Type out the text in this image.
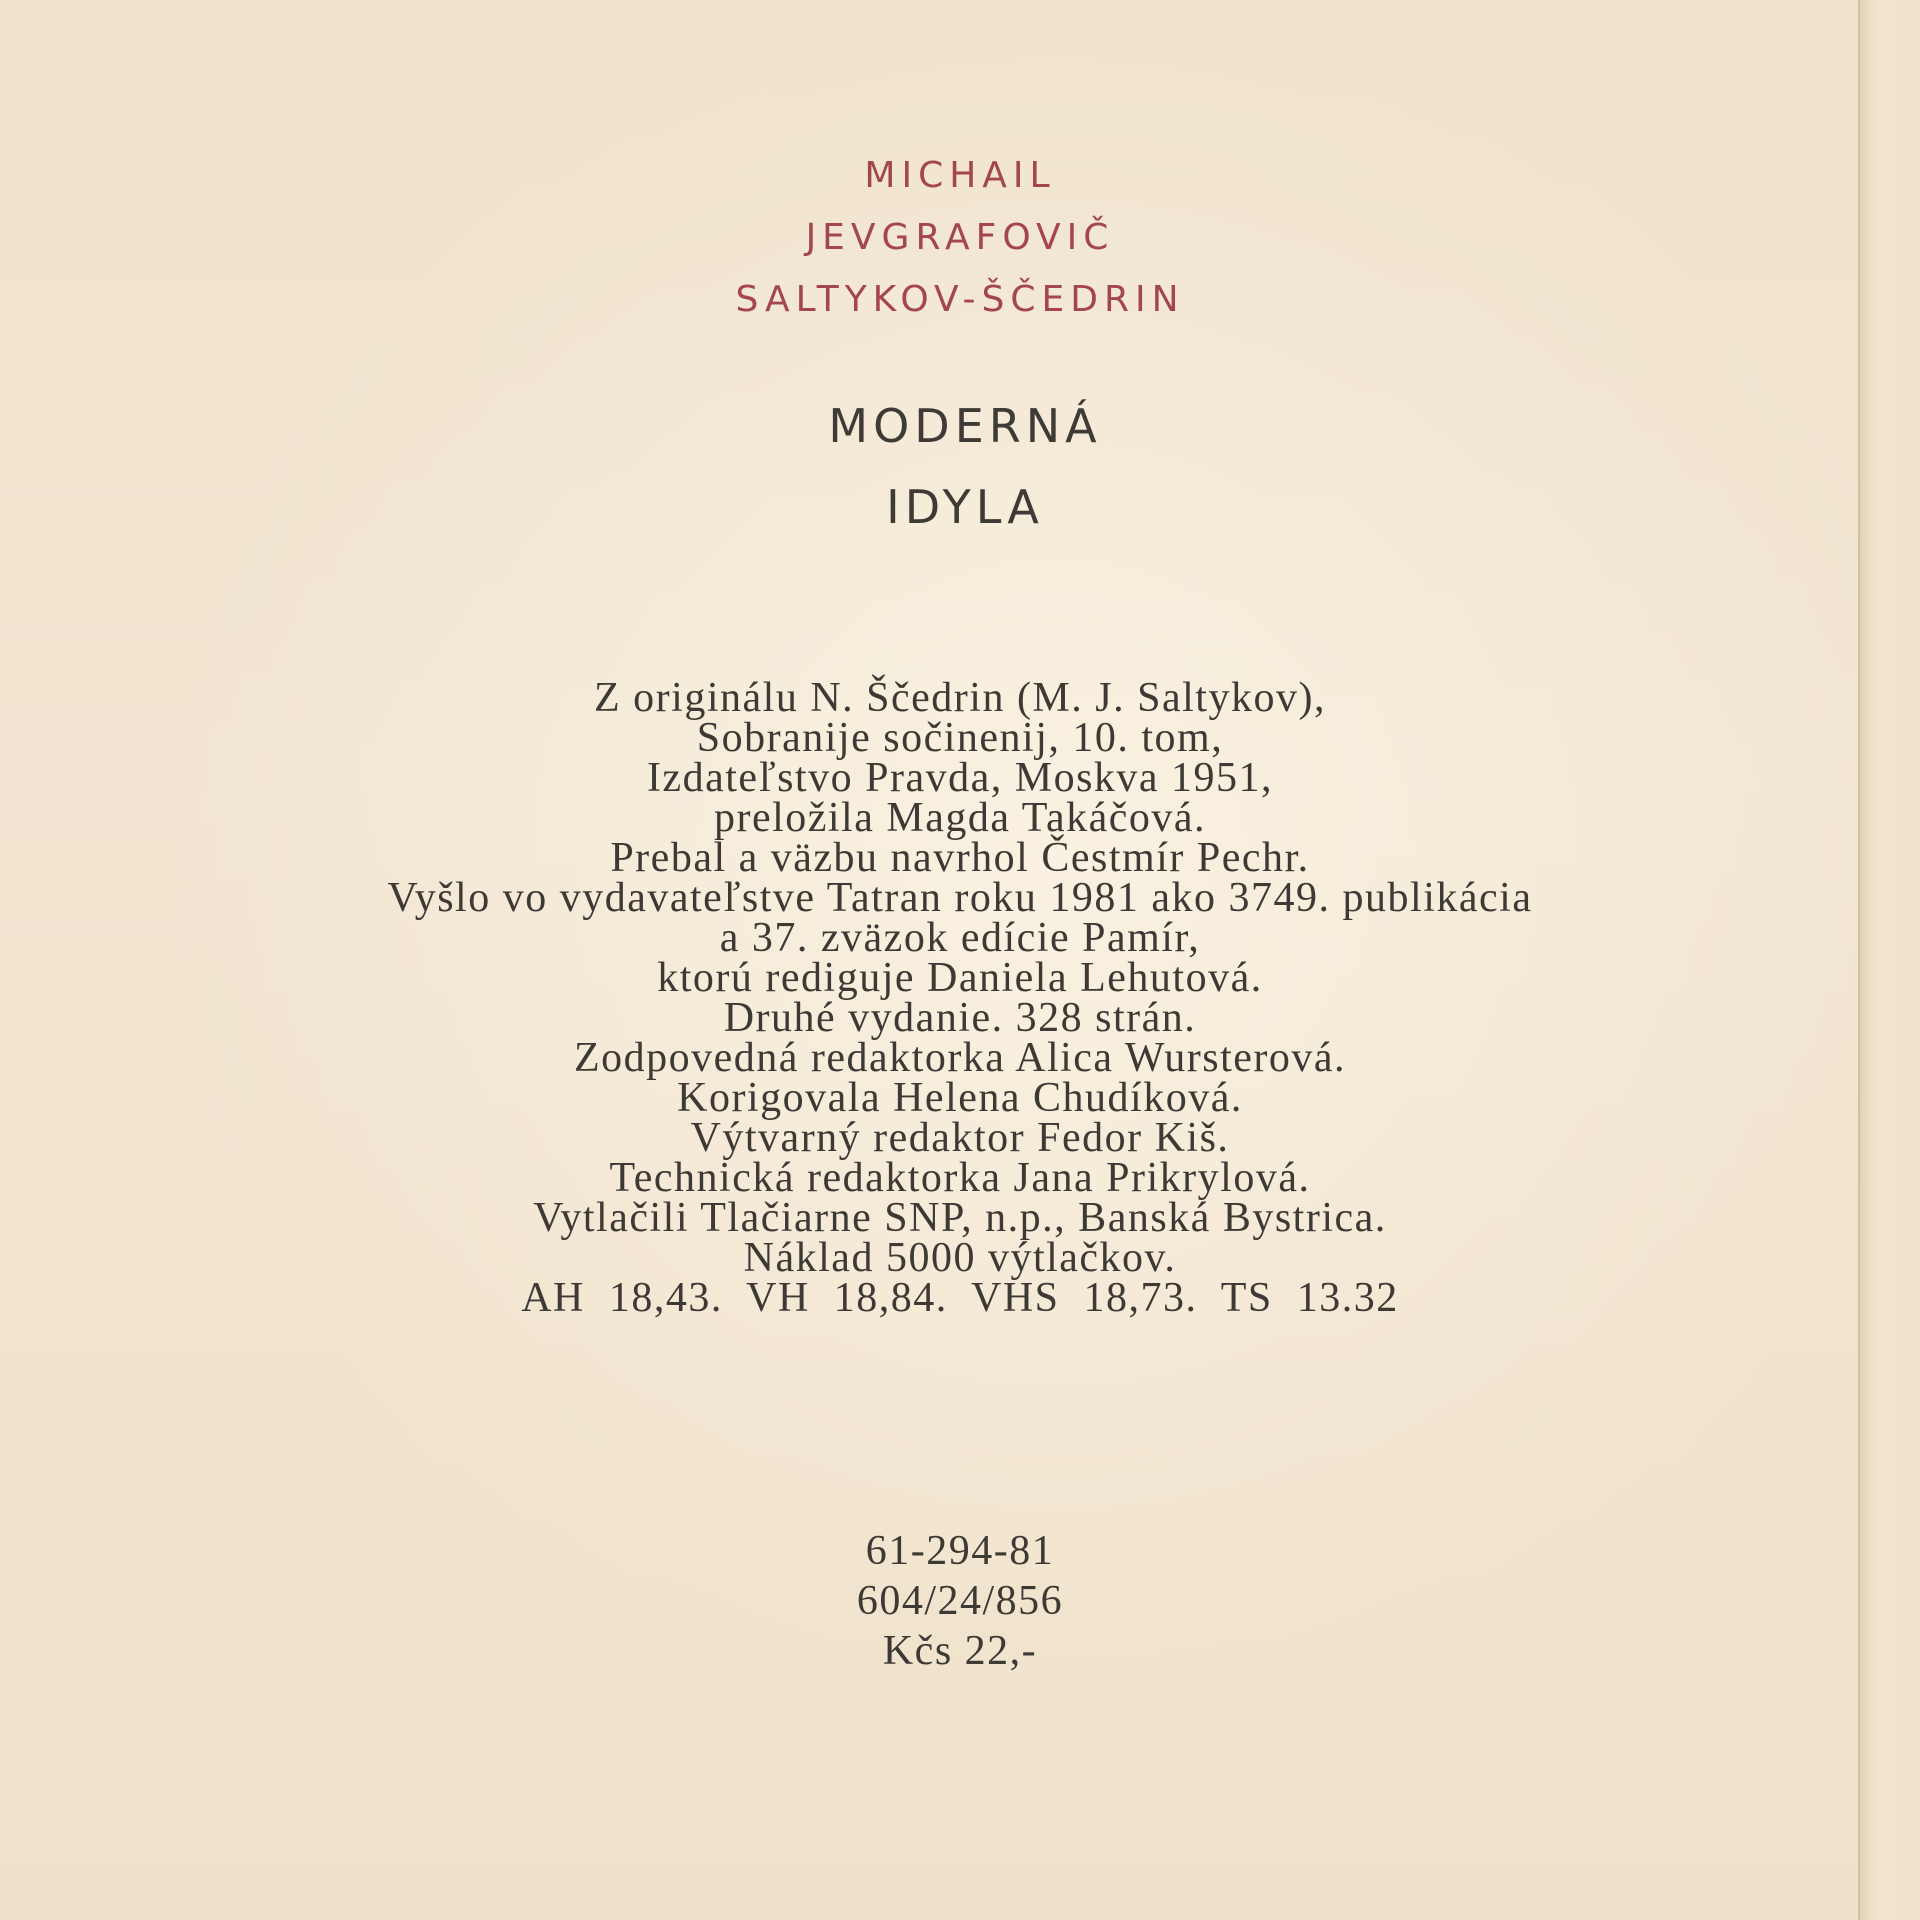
MICHAIL
JEVGRAFOVIČ
SALTYKOV-ŠČEDRIN
MODERNÁ
IDYLA
Z originálu N. Ščedrin (M. J. Saltykov),
Sobranije sočinenij, 10. tom,
Izdateľstvo Pravda, Moskva 1951,
preložila Magda Takáčová.
Prebal a väzbu navrhol Čestmír Pechr.
Vyšlo vo vydavateľstve Tatran roku 1981 ako 3749. publikácia
a 37. zväzok edície Pamír,
ktorú rediguje Daniela Lehutová.
Druhé vydanie. 328 strán.
Zodpovedná redaktorka Alica Wursterová.
Korigovala Helena Chudíková.
Výtvarný redaktor Fedor Kiš.
Technická redaktorka Jana Prikrylová.
Vytlačili Tlačiarne SNP, n.p., Banská Bystrica.
Náklad 5000 výtlačkov.
AH 18,43. VH 18,84. VHS 18,73. TS 13.32
61-294-81
604/24/856
Kčs 22,-
